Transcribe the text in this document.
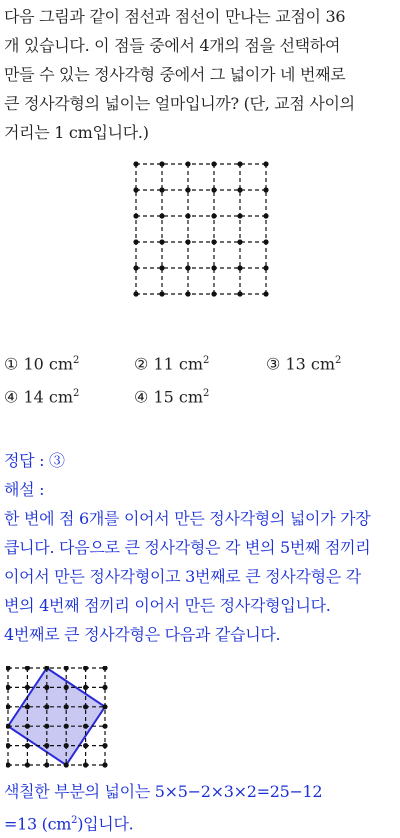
다음 그림과 같이 점선과 점선이 만나는 교점이 36

개 있습니다. 이 점들 중에서 4개의 점을 선택하여

만들 수 있는 정사각형 중에서 그 넓이가 네 번째로

큰 정사각형의 넓이는 얼마입니까? (단, 교점 사이의

거리는 1 cm입니다.)

① 10 $cm^2$	② 11 $cm^2$	③ 13 $cm^2$
④ 14 $cm^2$	④ 15 $cm^2$

정답 : ③

해설 :

한 변에 점 6개를 이어서 만든 정사각형의 넓이가 가장

큽니다. 다음으로 큰 정사각형은 각 변의 5번째 점끼리

이어서 만든 정사각형이고 3번째로 큰 정사각형은 각

변의 4번째 점끼리 이어서 만든 정사각형입니다.

4번째로 큰 정사각형은 다음과 같습니다.

색칠한 부분의 넓이는 5×5−2×3×2=25−12

=13 $(cm^2)$입니다.
